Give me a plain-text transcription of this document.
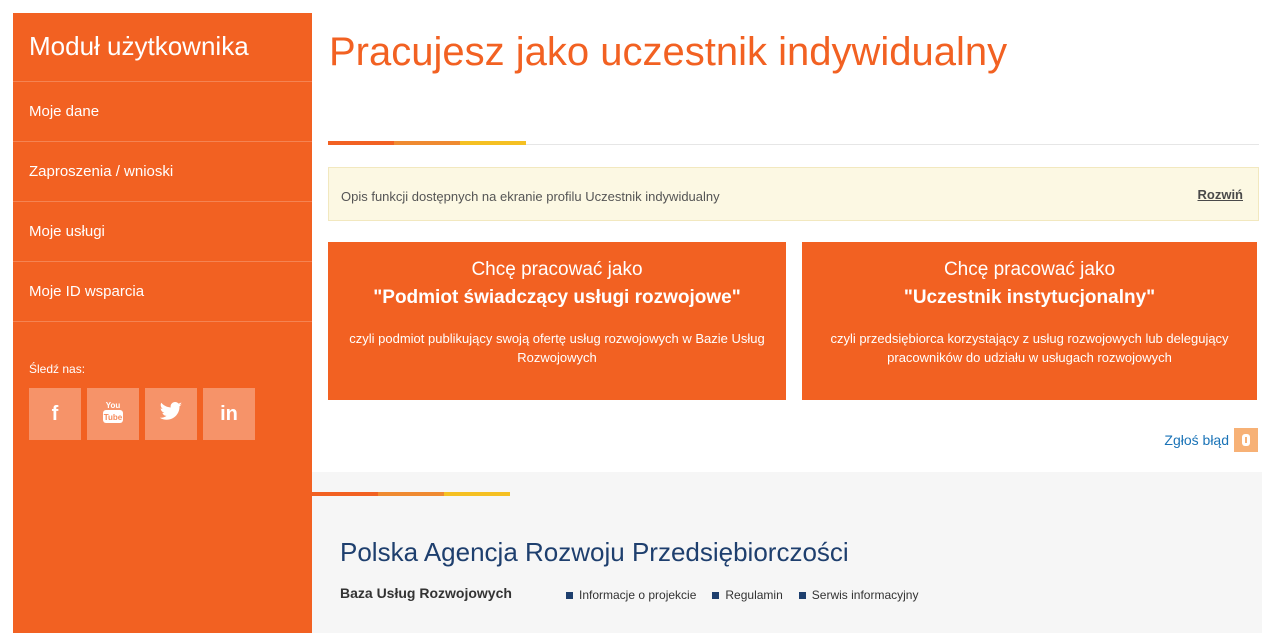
Moduł użytkownika
Moje dane
Zaproszenia / wnioski
Moje usługi
Moje ID wsparcia
Śledź nas:
f	You
Tube	in
Pracujesz jako uczestnik indywidualny
Opis funkcji dostępnych na ekranie profilu Uczestnik indywidualny	Rozwiń
Chcę pracować jako
"Podmiot świadczący usługi rozwojowe"
czyli podmiot publikujący swoją ofertę usług rozwojowych w Bazie Usług Rozwojowych
Chcę pracować jako
"Uczestnik instytucjonalny"
czyli przedsiębiorca korzystający z usług rozwojowych lub delegujący pracowników do udziału w usługach rozwojowych
Zgłoś błąd
Polska Agencja Rozwoju Przedsiębiorczości
Baza Usług Rozwojowych	Informacje o projekcie Regulamin Serwis informacyjny
